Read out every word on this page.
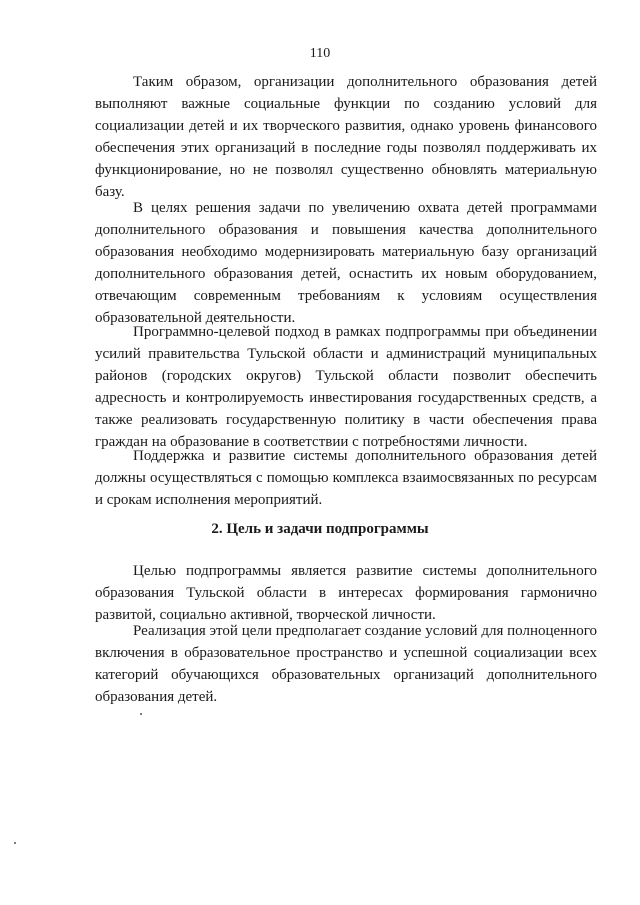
110

Таким образом, организации дополнительного образования детей выполняют важные социальные функции по созданию условий для социализации детей и их творческого развития, однако уровень финансового обеспечения этих организаций в последние годы позволял поддерживать их функционирование, но не позволял существенно обновлять материальную базу.

В целях решения задачи по увеличению охвата детей программами дополнительного образования и повышения качества дополнительного образования необходимо модернизировать материальную базу организаций дополнительного образования детей, оснастить их новым оборудованием, отвечающим современным требованиям к условиям осуществления образовательной деятельности.

Программно-целевой подход в рамках подпрограммы при объединении усилий правительства Тульской области и администраций муниципальных районов (городских округов) Тульской области позволит обеспечить адресность и контролируемость инвестирования государственных средств, а также реализовать государственную политику в части обеспечения права граждан на образование в соответствии с потребностями личности.

Поддержка и развитие системы дополнительного образования детей должны осуществляться с помощью комплекса взаимосвязанных по ресурсам и срокам исполнения мероприятий.

2. Цель и задачи подпрограммы

Целью подпрограммы является развитие системы дополнительного образования Тульской области в интересах формирования гармонично развитой, социально активной, творческой личности.

Реализация этой цели предполагает создание условий для полноценного включения в образовательное пространство и успешной социализации всех категорий обучающихся образовательных организаций дополнительного образования детей.
